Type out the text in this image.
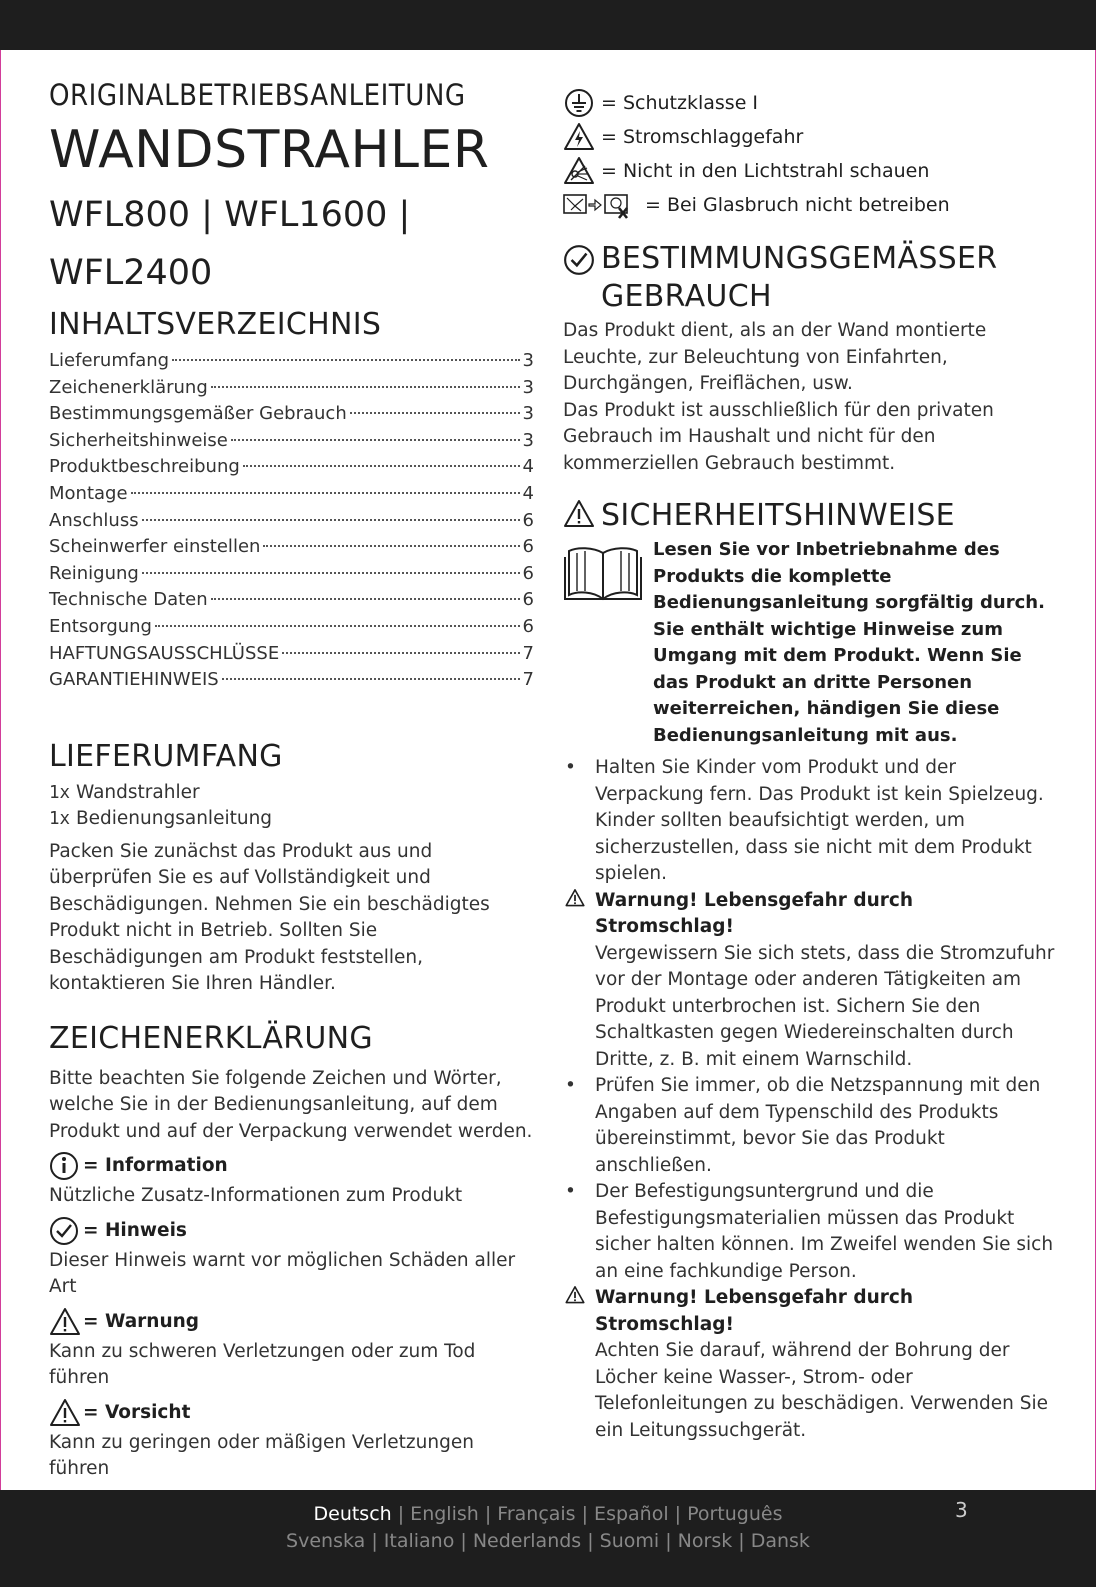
ORIGINALBETRIEBSANLEITUNG
WANDSTRAHLER
WFL800 | WFL1600 |
WFL2400
INHALTSVERZEICHNIS
Lieferumfang	3
Zeichenerklärung	3
Bestimmungsgemäßer Gebrauch	3
Sicherheitshinweise	3
Produktbeschreibung	4
Montage	4
Anschluss	6
Scheinwerfer einstellen	6
Reinigung	6
Technische Daten	6
Entsorgung	6
HAFTUNGSAUSSCHLÜSSE	7
GARANTIEHINWEIS	7
LIEFERUMFANG
1x Wandstrahler
1x Bedienungsanleitung

Packen Sie zunächst das Produkt aus und überprüfen Sie es auf Vollständigkeit und Beschädigungen. Nehmen Sie ein beschädigtes Produkt nicht in Betrieb. Sollten Sie Beschädigungen am Produkt feststellen, kontaktieren Sie Ihren Händler.

ZEICHENERKLÄRUNG

Bitte beachten Sie folgende Zeichen und Wörter, welche Sie in der Bedienungsanleitung, auf dem Produkt und auf der Verpackung verwendet werden.

= Information
Nützliche Zusatz-Informationen zum Produkt
= Hinweis
Dieser Hinweis warnt vor möglichen Schäden aller Art
= Warnung
Kann zu schweren Verletzungen oder zum Tod führen
= Vorsicht
Kann zu geringen oder mäßigen Verletzungen führen
= Schutzklasse I
= Stromschlaggefahr
= Nicht in den Lichtstrahl schauen
= Bei Glasbruch nicht betreiben
BESTIMMUNGSGEMÄSSER
GEBRAUCH

Das Produkt dient, als an der Wand montierte Leuchte, zur Beleuchtung von Einfahrten, Durchgängen, Freiflächen, usw.

Das Produkt ist ausschließlich für den privaten Gebrauch im Haushalt und nicht für den kommerziellen Gebrauch bestimmt.

SICHERHEITSHINWEISE

Lesen Sie vor Inbetriebnahme des Produkts die komplette Bedienungsanleitung sorgfältig durch. Sie enthält wichtige Hinweise zum Umgang mit dem Produkt. Wenn Sie das Produkt an dritte Personen weiterreichen, händigen Sie diese Bedienungsanleitung mit aus.

•	Halten Sie Kinder vom Produkt und der Verpackung fern. Das Produkt ist kein Spielzeug. Kinder sollten beaufsichtigt werden, um sicherzustellen, dass sie nicht mit dem Produkt spielen.
Warnung! Lebensgefahr durch Stromschlag!
Vergewissern Sie sich stets, dass die Stromzufuhr vor der Montage oder anderen Tätigkeiten am Produkt unterbrochen ist. Sichern Sie den Schaltkasten gegen Wiedereinschalten durch Dritte, z. B. mit einem Warnschild.
•	Prüfen Sie immer, ob die Netzspannung mit den Angaben auf dem Typenschild des Produkts übereinstimmt, bevor Sie das Produkt anschließen.
•	Der Befestigungsuntergrund und die Befestigungsmaterialien müssen das Produkt sicher halten können. Im Zweifel wenden Sie sich an eine fachkundige Person.
Warnung! Lebensgefahr durch Stromschlag!
Achten Sie darauf, während der Bohrung der Löcher keine Wasser-, Strom- oder Telefonleitungen zu beschädigen. Verwenden Sie ein Leitungssuchgerät.
Deutsch | English | Français | Español | Português
Svenska | Italiano | Nederlands | Suomi | Norsk | Dansk
3
